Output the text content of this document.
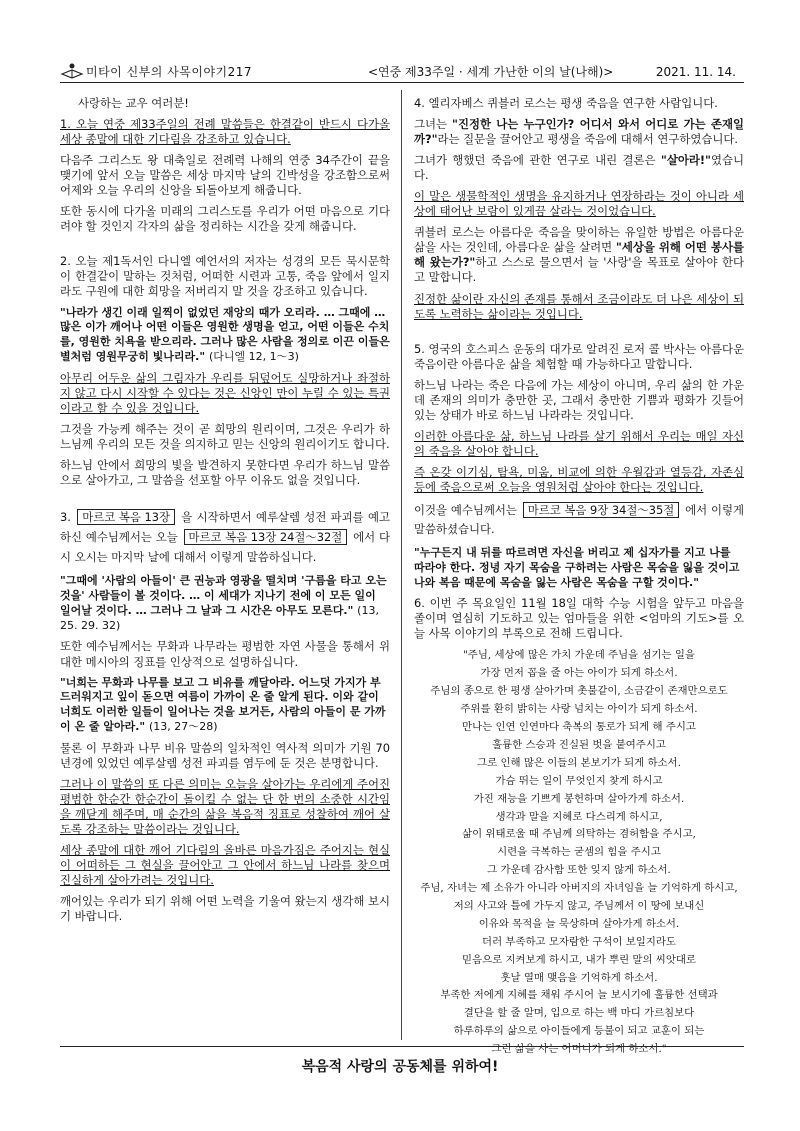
미타이 신부의 사목이야기217	<연중 제33주일 · 세계 가난한 이의 날(나해)>	2021. 11. 14.

사랑하는 교우 여러분!

1. 오늘 연중 제33주일의 전례 말씀들은 한결같이 반드시 다가올 세상 종말에 대한 기다림을 강조하고 있습니다.

다음주 그리스도 왕 대축일로 전례력 나해의 연중 34주간이 끝을 맺기에 앞서 오늘 말씀은 세상 마지막 날의 긴박성을 강조함으로써 어제와 오늘 우리의 신앙을 되돌아보게 해줍니다.

또한 동시에 다가올 미래의 그리스도를 우리가 어떤 마음으로 기다려야 할 것인지 각자의 삶을 정리하는 시간을 갖게 해줍니다.

2. 오늘 제1독서인 다니엘 예언서의 저자는 성경의 모든 묵시문학이 한결같이 말하는 것처럼, 어떠한 시련과 고통, 죽음 앞에서 일지라도 구원에 대한 희망을 저버리지 말 것을 강조하고 있습니다.

"나라가 생긴 이래 일찍이 없었던 재앙의 때가 오리라. … 그때에 … 많은 이가 깨어나 어떤 이들은 영원한 생명을 얻고, 어떤 이들은 수치를, 영원한 치욕을 받으리라. 그러나 많은 사람을 정의로 이끈 이들은 별처럼 영원무궁히 빛나리라." (다니엘 12, 1～3)

아무리 어두운 삶의 그림자가 우리를 뒤덮어도 실망하거나 좌절하지 않고 다시 시작할 수 있다는 것은 신앙인 만이 누릴 수 있는 특권이라고 할 수 있을 것입니다.

그것을 가능케 해주는 것이 곧 희망의 원리이며, 그것은 우리가 하느님께 우리의 모든 것을 의지하고 믿는 신앙의 원리이기도 합니다.

하느님 안에서 희망의 빛을 발견하지 못한다면 우리가 하느님 말씀으로 살아가고, 그 말씀을 선포할 아무 이유도 없을 것입니다.

3. 마르코 복음 13장 을 시작하면서 예루살렘 성전 파괴를 예고하신 예수님께서는 오늘 마르코 복음 13장 24절～32절 에서 다시 오시는 마지막 날에 대해서 이렇게 말씀하십니다.

"그때에 '사람의 아들이' 큰 권능과 영광을 떨치며 '구름을 타고 오는 것을' 사람들이 볼 것이다. … 이 세대가 지나기 전에 이 모든 일이 일어날 것이다. … 그러나 그 날과 그 시간은 아무도 모른다." (13, 25. 29. 32)

또한 예수님께서는 무화과 나무라는 평범한 자연 사물을 통해서 위대한 메시아의 징표를 인상적으로 설명하십니다.

"너희는 무화과 나무를 보고 그 비유를 깨달아라. 어느덧 가지가 부드러워지고 잎이 돋으면 여름이 가까이 온 줄 알게 된다. 이와 같이 너희도 이러한 일들이 일어나는 것을 보거든, 사람의 아들이 문 가까이 온 줄 알아라." (13, 27～28)

물론 이 무화과 나무 비유 말씀의 일차적인 역사적 의미가 기원 70년경에 있었던 예루살렘 성전 파괴를 염두에 둔 것은 분명합니다.

그러나 이 말씀의 또 다른 의미는 오늘을 살아가는 우리에게 주어진 평범한 한순간 한순간이 돌이킬 수 없는 단 한 번의 소중한 시간임을 깨닫게 해주며, 매 순간의 삶을 복음적 징표로 성찰하여 깨어 살도록 강조하는 말씀이라는 것입니다.

세상 종말에 대한 깨어 기다림의 올바른 마음가짐은 주어지는 현실이 어떠하든 그 현실을 끌어안고 그 안에서 하느님 나라를 찾으며 진실하게 살아가려는 것입니다.

깨어있는 우리가 되기 위해 어떤 노력을 기울여 왔는지 생각해 보시기 바랍니다.

4. 엘리자베스 퀴블러 로스는 평생 죽음을 연구한 사람입니다.

그녀는 "진정한 나는 누구인가? 어디서 와서 어디로 가는 존재일까?"라는 질문을 끌어안고 평생을 죽음에 대해서 연구하였습니다.

그녀가 행했던 죽음에 관한 연구로 내린 결론은 "살아라!"였습니다.

이 말은 생물학적인 생명을 유지하거나 연장하라는 것이 아니라 세상에 태어난 보람이 있게끔 살라는 것이었습니다.

퀴블러 로스는 아름다운 죽음을 맞이하는 유일한 방법은 아름다운 삶을 사는 것인데, 아름다운 삶을 살려면 "세상을 위해 어떤 봉사를 해 왔는가?"하고 스스로 물으면서 늘 '사랑'을 목표로 살아야 한다고 말합니다.

진정한 삶이란 자신의 존재를 통해서 조금이라도 더 나은 세상이 되도록 노력하는 삶이라는 것입니다.

5. 영국의 호스피스 운동의 대가로 알려진 로저 콜 박사는 아름다운 죽음이란 아름다운 삶을 체험할 때 가능하다고 말합니다.

하느님 나라는 죽은 다음에 가는 세상이 아니며, 우리 삶의 한 가운데 존재의 의미가 충만한 곳, 그래서 충만한 기쁨과 평화가 깃들어 있는 상태가 바로 하느님 나라라는 것입니다.

이러한 아름다운 삶, 하느님 나라를 살기 위해서 우리는 매일 자신의 죽음을 살아야 합니다.

즉 온갖 이기심, 탐욕, 미움, 비교에 의한 우월감과 열등감, 자존심 등에 죽음으로써 오늘을 영원처럼 살아야 한다는 것입니다.

이것을 예수님께서는 마르코 복음 9장 34절～35절 에서 이렇게 말씀하셨습니다.

"누구든지 내 뒤를 따르려면 자신을 버리고 제 십자가를 지고 나를 따라야 한다. 정녕 자기 목숨을 구하려는 사람은 목숨을 잃을 것이고 나와 복음 때문에 목숨을 잃는 사람은 목숨을 구할 것이다."

6. 이번 주 목요일인 11월 18일 대학 수능 시험을 앞두고 마음을 졸이며 열심히 기도하고 있는 엄마들을 위한 <엄마의 기도>를 오늘 사목 이야기의 부록으로 전해 드립니다.

"주님, 세상에 많은 가치 가운데 주님을 섬기는 일을
가장 먼저 꼽을 줄 아는 아이가 되게 하소서.
주님의 종으로 한 평생 살아가며 촛불같이, 소금같이 존재만으로도
주위를 환히 밝히는 사랑 넘치는 아이가 되게 하소서.
만나는 인연 인연마다 축복의 통로가 되게 해 주시고
훌륭한 스승과 진실된 벗을 붙여주시고
그로 인해 많은 이들의 본보기가 되게 하소서.
가슴 뛰는 일이 무엇인지 찾게 하시고
가진 재능을 기쁘게 봉헌하며 살아가게 하소서.
생각과 말을 지혜로 다스리게 하시고,
삶이 위태로울 때 주님께 의탁하는 겸허함을 주시고,
시련을 극복하는 굳셈의 힘을 주시고
그 가운데 감사함 또한 잊지 않게 하소서.
주님, 자녀는 제 소유가 아니라 아버지의 자녀임을 늘 기억하게 하시고,
저의 사고와 틀에 가두지 않고, 주님께서 이 땅에 보내신
이유와 목적을 늘 묵상하며 살아가게 하소서.
더러 부족하고 모자람한 구석이 보일지라도
믿음으로 지켜보게 하시고, 내가 뿌린 말의 씨앗대로
훗날 열매 맺음을 기억하게 하소서.
부족한 저에게 지혜를 채워 주시어 늘 보시기에 훌륭한 선택과
결단을 할 줄 알며, 입으로 하는 백 마디 가르침보다
하루하루의 삶으로 아이들에게 등불이 되고 교훈이 되는
그런 삶을 사는 어머니가 되게 하소서."
복음적 사랑의 공동체를 위하여!
